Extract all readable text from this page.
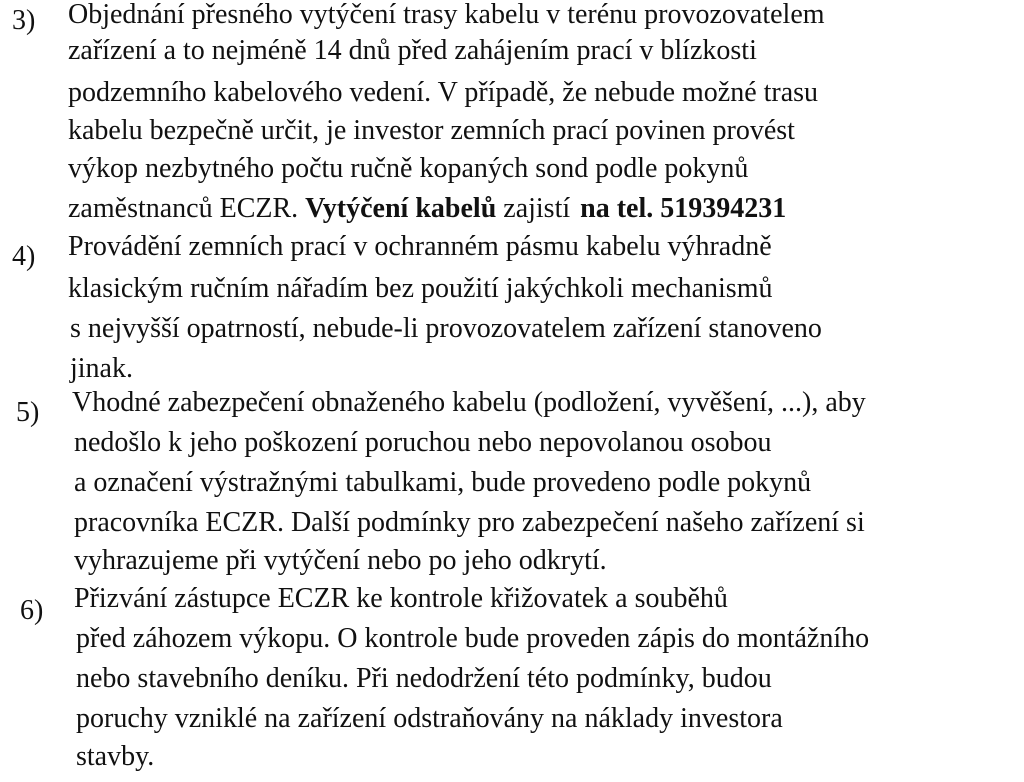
3) Objednání přesného vytýčení trasy kabelu v terénu provozovatelem
zařízení a to nejméně 14 dnů před zahájením prací v blízkosti
podzemního kabelového vedení. V případě, že nebude možné trasu
kabelu bezpečně určit, je investor zemních prací povinen provést
výkop nezbytného počtu ručně kopaných sond podle pokynů
zaměstnanců ECZR. Vytýčení kabelů zajistí na tel. 519394231
4) Provádění zemních prací v ochranném pásmu kabelu výhradně
klasickým ručním nářadím bez použití jakýchkoli mechanismů
s nejvyšší opatrností, nebude-li provozovatelem zařízení stanoveno
jinak.
5) Vhodné zabezpečení obnaženého kabelu (podložení, vyvěšení, ...), aby
nedošlo k jeho poškození poruchou nebo nepovolanou osobou
a označení výstražnými tabulkami, bude provedeno podle pokynů
pracovníka ECZR. Další podmínky pro zabezpečení našeho zařízení si
vyhrazujeme při vytýčení nebo po jeho odkrytí.
6) Přizvání zástupce ECZR ke kontrole křižovatek a souběhů
před záhozem výkopu. O kontrole bude proveden zápis do montážního
nebo stavebního deníku. Při nedodržení této podmínky, budou
poruchy vzniklé na zařízení odstraňovány na náklady investora
stavby.
